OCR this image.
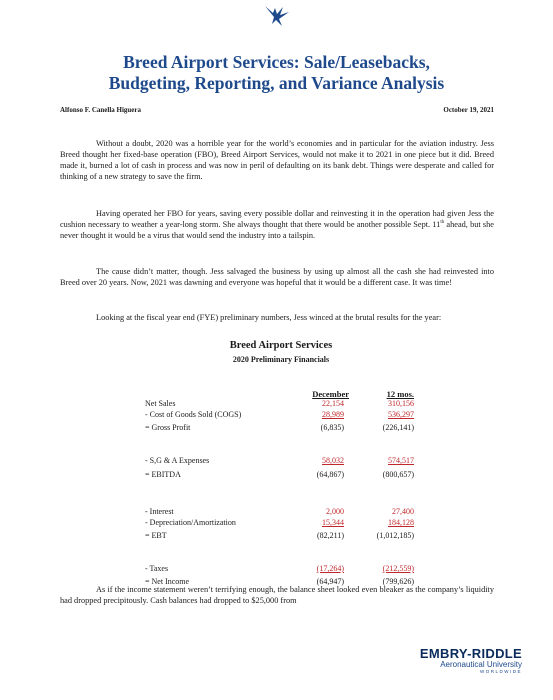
Breed Airport Services: Sale/Leasebacks,
Budgeting, Reporting, and Variance Analysis
Alfonso F. Canella Higuera	October 19, 2021

Without a doubt, 2020 was a horrible year for the world’s economies and in particular for the aviation industry. Jess Breed thought her fixed-base operation (FBO), Breed Airport Services, would not make it to 2021 in one piece but it did. Breed made it, burned a lot of cash in process and was now in peril of defaulting on its bank debt. Things were desperate and called for thinking of a new strategy to save the firm.

Having operated her FBO for years, saving every possible dollar and reinvesting it in the operation had given Jess the cushion necessary to weather a year-long storm. She always thought that there would be another possible Sept. 11th ahead, but she never thought it would be a virus that would send the industry into a tailspin.

The cause didn’t matter, though. Jess salvaged the business by using up almost all the cash she had reinvested into Breed over 20 years. Now, 2021 was dawning and everyone was hopeful that it would be a different case. It was time!

Looking at the fiscal year end (FYE) preliminary numbers, Jess winced at the brutal results for the year:

Breed Airport Services
2020 Preliminary Financials
December	12 mos.
Net Sales	22,154	310,156
- Cost of Goods Sold (COGS)	28,989	536,297
= Gross Profit	(6,835)	(226,141)
- S,G & A Expenses	58,032	574,517
= EBITDA	(64,867)	(800,657)
- Interest	2,000	27,400
- Depreciation/Amortization	15,344	184,128
= EBT	(82,211)	(1,012,185)
- Taxes	(17,264)	(212,559)
= Net Income	(64,947)	(799,626)

As if the income statement weren’t terrifying enough, the balance sheet looked even bleaker as the company’s liquidity had dropped precipitously. Cash balances had dropped to $25,000 from

EMBRY-RIDDLE
Aeronautical University
WORLDWIDE
